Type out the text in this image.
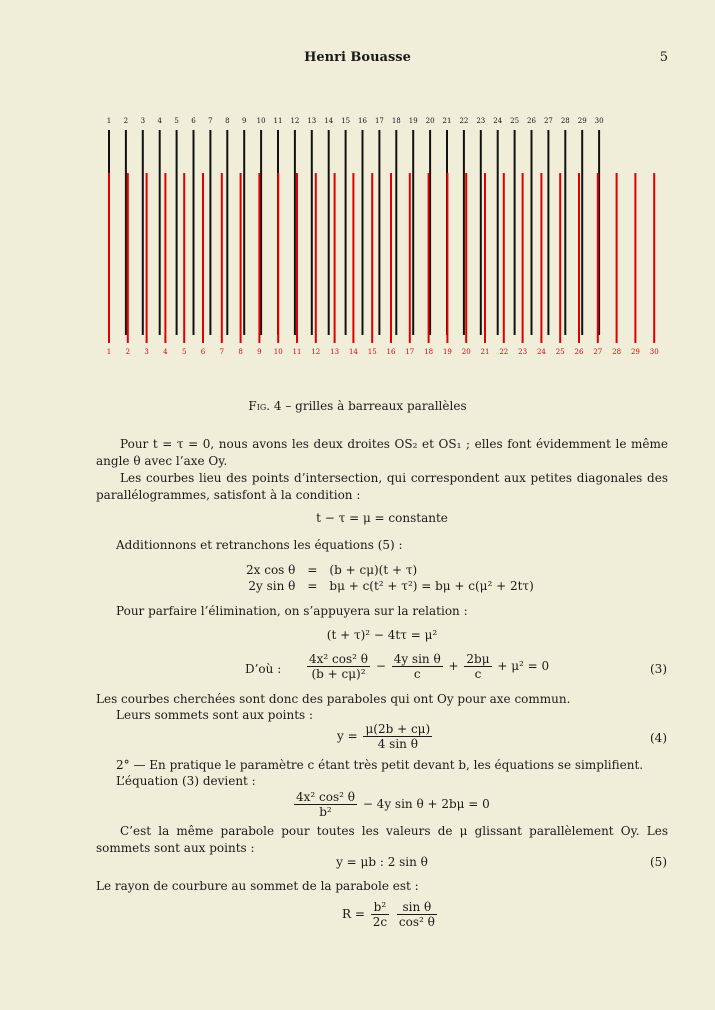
Henri Bouasse	5
1 2 3 4 5 6 7 8 9 10 11 12 13 14 15 16 17 18 19 20 21 22 23 24 25 26 27 28 29 30
1 2 3 4 5 6 7 8 9 10 11 12 13 14 15 16 17 18 19 20 21 22 23 24 25 26 27 28 29 30
Fig. 4 – grilles à barreaux parallèles
Pour t = τ = 0, nous avons les deux droites OS₂ et OS₁ ; elles font évidemment le même angle θ avec l’axe Oy.
Les courbes lieu des points d’intersection, qui correspondent aux petites diagonales des parallélogrammes, satisfont à la condition :
t − τ = μ = constante
Additionnons et retranchons les équations (5) :
2x cos θ	=	(b + cμ)(t + τ)
2y sin θ	=	bμ + c(t² + τ²) = bμ + c(μ² + 2tτ)
Pour parfaire l’élimination, on s’appuyera sur la relation :
(t + τ)² − 4tτ = μ²
D’où : $\frac{\text{4x² cos² θ}}{\text{(b + cμ)²}} - \frac{\text{4y sin θ}}{c} + \frac{2b\mu}{c} + \mu^2 = 0$	(3)
Les courbes cherchées sont donc des paraboles qui ont Oy pour axe commun.
Leurs sommets sont aux points :
$y = \frac{\mu(2b + c\mu)}{\text{4 sin θ}}$	(4)
2° — En pratique le paramètre c étant très petit devant b, les équations se simplifient.
L’équation (3) devient :
$\frac{\text{4x² cos² θ}}{\text{b²}} - 4y$ sin θ + 2bμ = 0
C’est la même parabole pour toutes les valeurs de μ glissant parallèlement Oy. Les sommets sont aux points :
y = μb : 2 sin θ	(5)
Le rayon de courbure au sommet de la parabole est :
$R = \frac{\text{b²}}{2c}$
$\frac{\text{sin θ}}{\text{cos² θ}}$
